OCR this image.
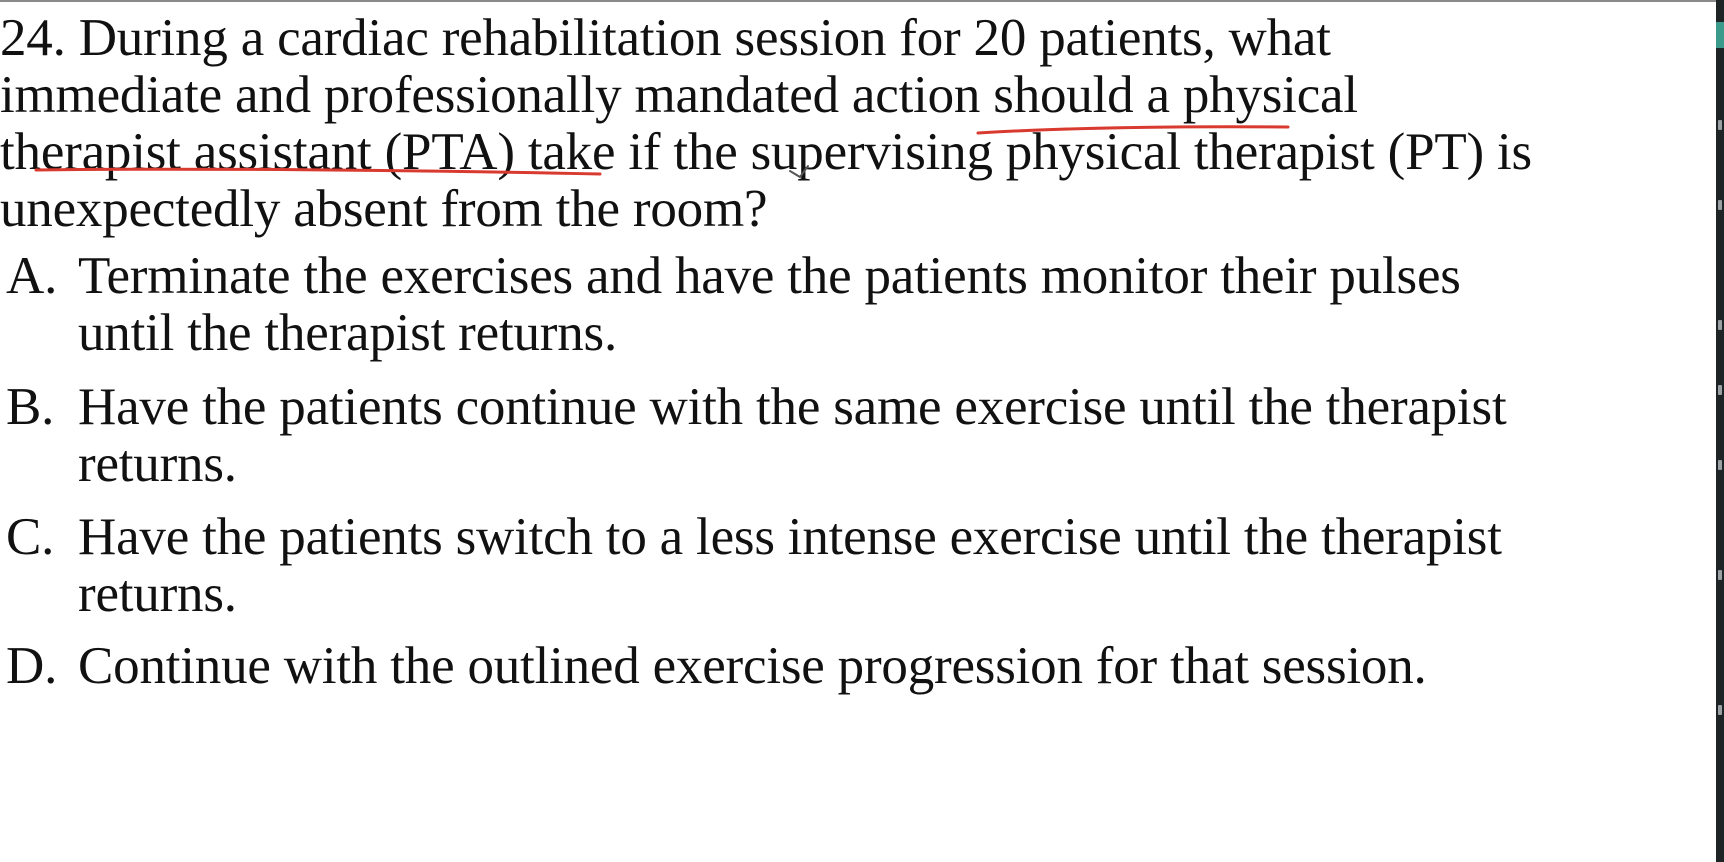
24. During a cardiac rehabilitation session for 20 patients, what
immediate and professionally mandated action should a physical
therapist assistant (PTA) take if the supervising physical therapist (PT) is
unexpectedly absent from the room?
A. Terminate the exercises and have the patients monitor their pulses
until the therapist returns.
B. Have the patients continue with the same exercise until the therapist
returns.
C. Have the patients switch to a less intense exercise until the therapist
returns.
D. Continue with the outlined exercise progression for that session.
